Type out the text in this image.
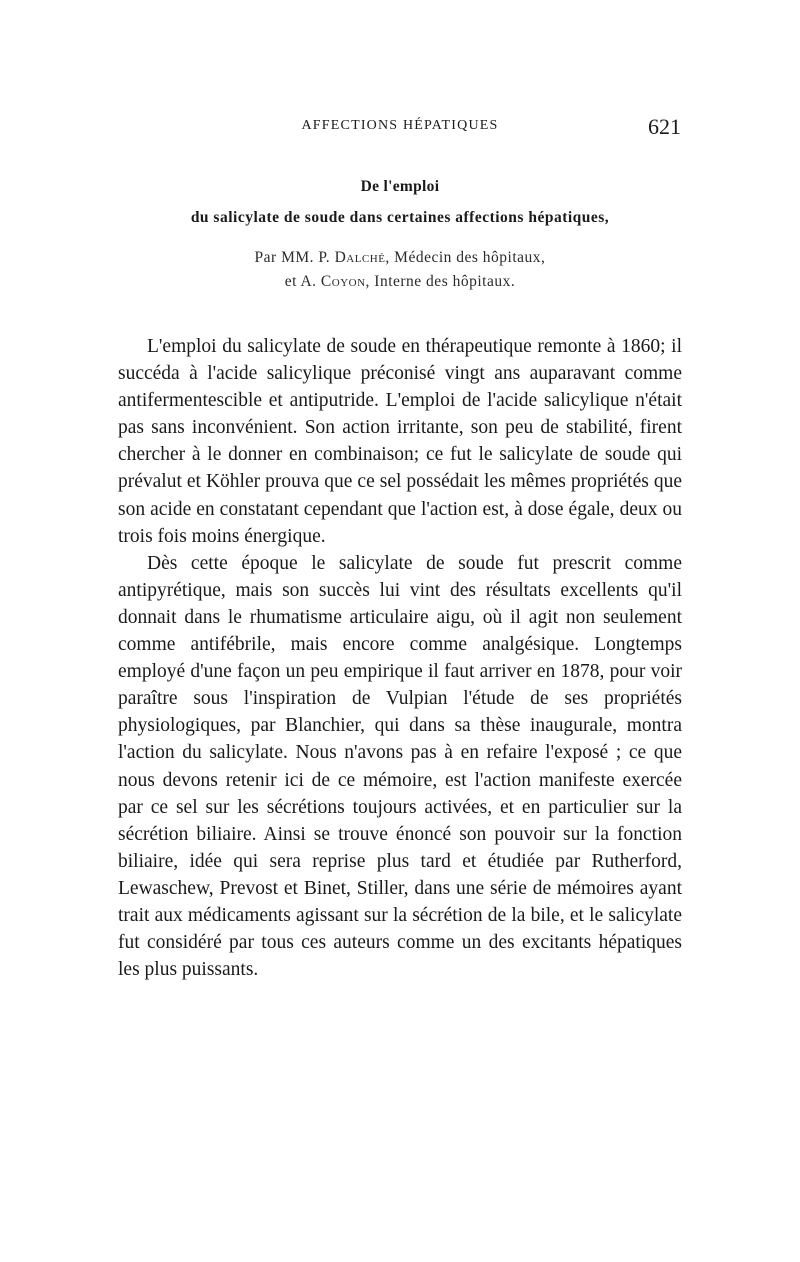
AFFECTIONS HÉPATIQUES	621
De l'emploi
du salicylate de soude dans certaines affections hépatiques,
Par MM. P. Dalché, Médecin des hôpitaux,
et A. Coyon, Interne des hôpitaux.

L'emploi du salicylate de soude en thérapeutique remonte à 1860; il succéda à l'acide salicylique préconisé vingt ans auparavant comme antifermentescible et antiputride. L'emploi de l'acide salicylique n'était pas sans inconvénient. Son action irritante, son peu de stabilité, firent chercher à le donner en combinaison; ce fut le salicylate de soude qui prévalut et Köhler prouva que ce sel possédait les mêmes propriétés que son acide en constatant cependant que l'action est, à dose égale, deux ou trois fois moins énergique.

Dès cette époque le salicylate de soude fut prescrit comme antipyrétique, mais son succès lui vint des résultats excellents qu'il donnait dans le rhumatisme articulaire aigu, où il agit non seulement comme antifébrile, mais encore comme analgésique. Longtemps employé d'une façon un peu empirique il faut arriver en 1878, pour voir paraître sous l'inspiration de Vulpian l'étude de ses propriétés physiologiques, par Blanchier, qui dans sa thèse inaugurale, montra l'action du salicylate. Nous n'avons pas à en refaire l'exposé ; ce que nous devons retenir ici de ce mémoire, est l'action manifeste exercée par ce sel sur les sécrétions toujours activées, et en particulier sur la sécrétion biliaire. Ainsi se trouve énoncé son pouvoir sur la fonction biliaire, idée qui sera reprise plus tard et étudiée par Rutherford, Lewaschew, Prevost et Binet, Stiller, dans une série de mémoires ayant trait aux médicaments agissant sur la sécrétion de la bile, et le salicylate fut considéré par tous ces auteurs comme un des excitants hépatiques les plus puissants.
